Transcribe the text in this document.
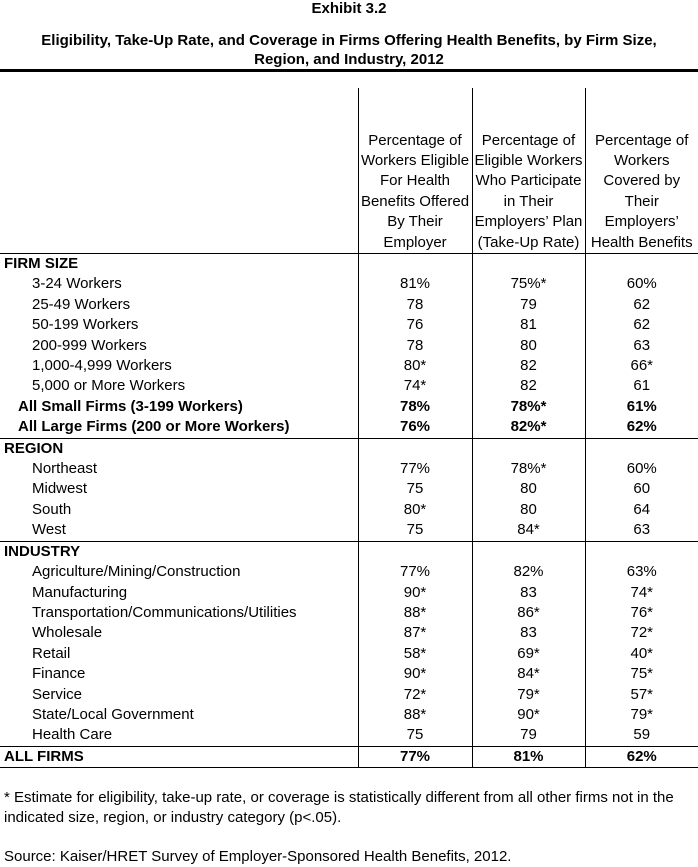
Exhibit 3.2
Eligibility, Take-Up Rate, and Coverage in Firms Offering Health Benefits, by Firm Size,
Region, and Industry, 2012
	Percentage of Workers Eligible For Health Benefits Offered By Their Employer	Percentage of Eligible Workers Who Participate in Their Employers’ Plan (Take-Up Rate)	Percentage of Workers Covered by Their Employers’ Health Benefits
FIRM SIZE			
3-24 Workers	81%	75%*	60%
25-49 Workers	78	79	62
50-199 Workers	76	81	62
200-999 Workers	78	80	63
1,000-4,999 Workers	80*	82	66*
5,000 or More Workers	74*	82	61
All Small Firms (3-199 Workers)	78%	78%*	61%
All Large Firms (200 or More Workers)	76%	82%*	62%
REGION			
Northeast	77%	78%*	60%
Midwest	75	80	60
South	80*	80	64
West	75	84*	63
INDUSTRY			
Agriculture/Mining/Construction	77%	82%	63%
Manufacturing	90*	83	74*
Transportation/Communications/Utilities	88*	86*	76*
Wholesale	87*	83	72*
Retail	58*	69*	40*
Finance	90*	84*	75*
Service	72*	79*	57*
State/Local Government	88*	90*	79*
Health Care	75	79	59
ALL FIRMS	77%	81%	62%
* Estimate for eligibility, take-up rate, or coverage is statistically different from all other firms not in the indicated size, region, or industry category (p<.05).
Source: Kaiser/HRET Survey of Employer-Sponsored Health Benefits, 2012.
